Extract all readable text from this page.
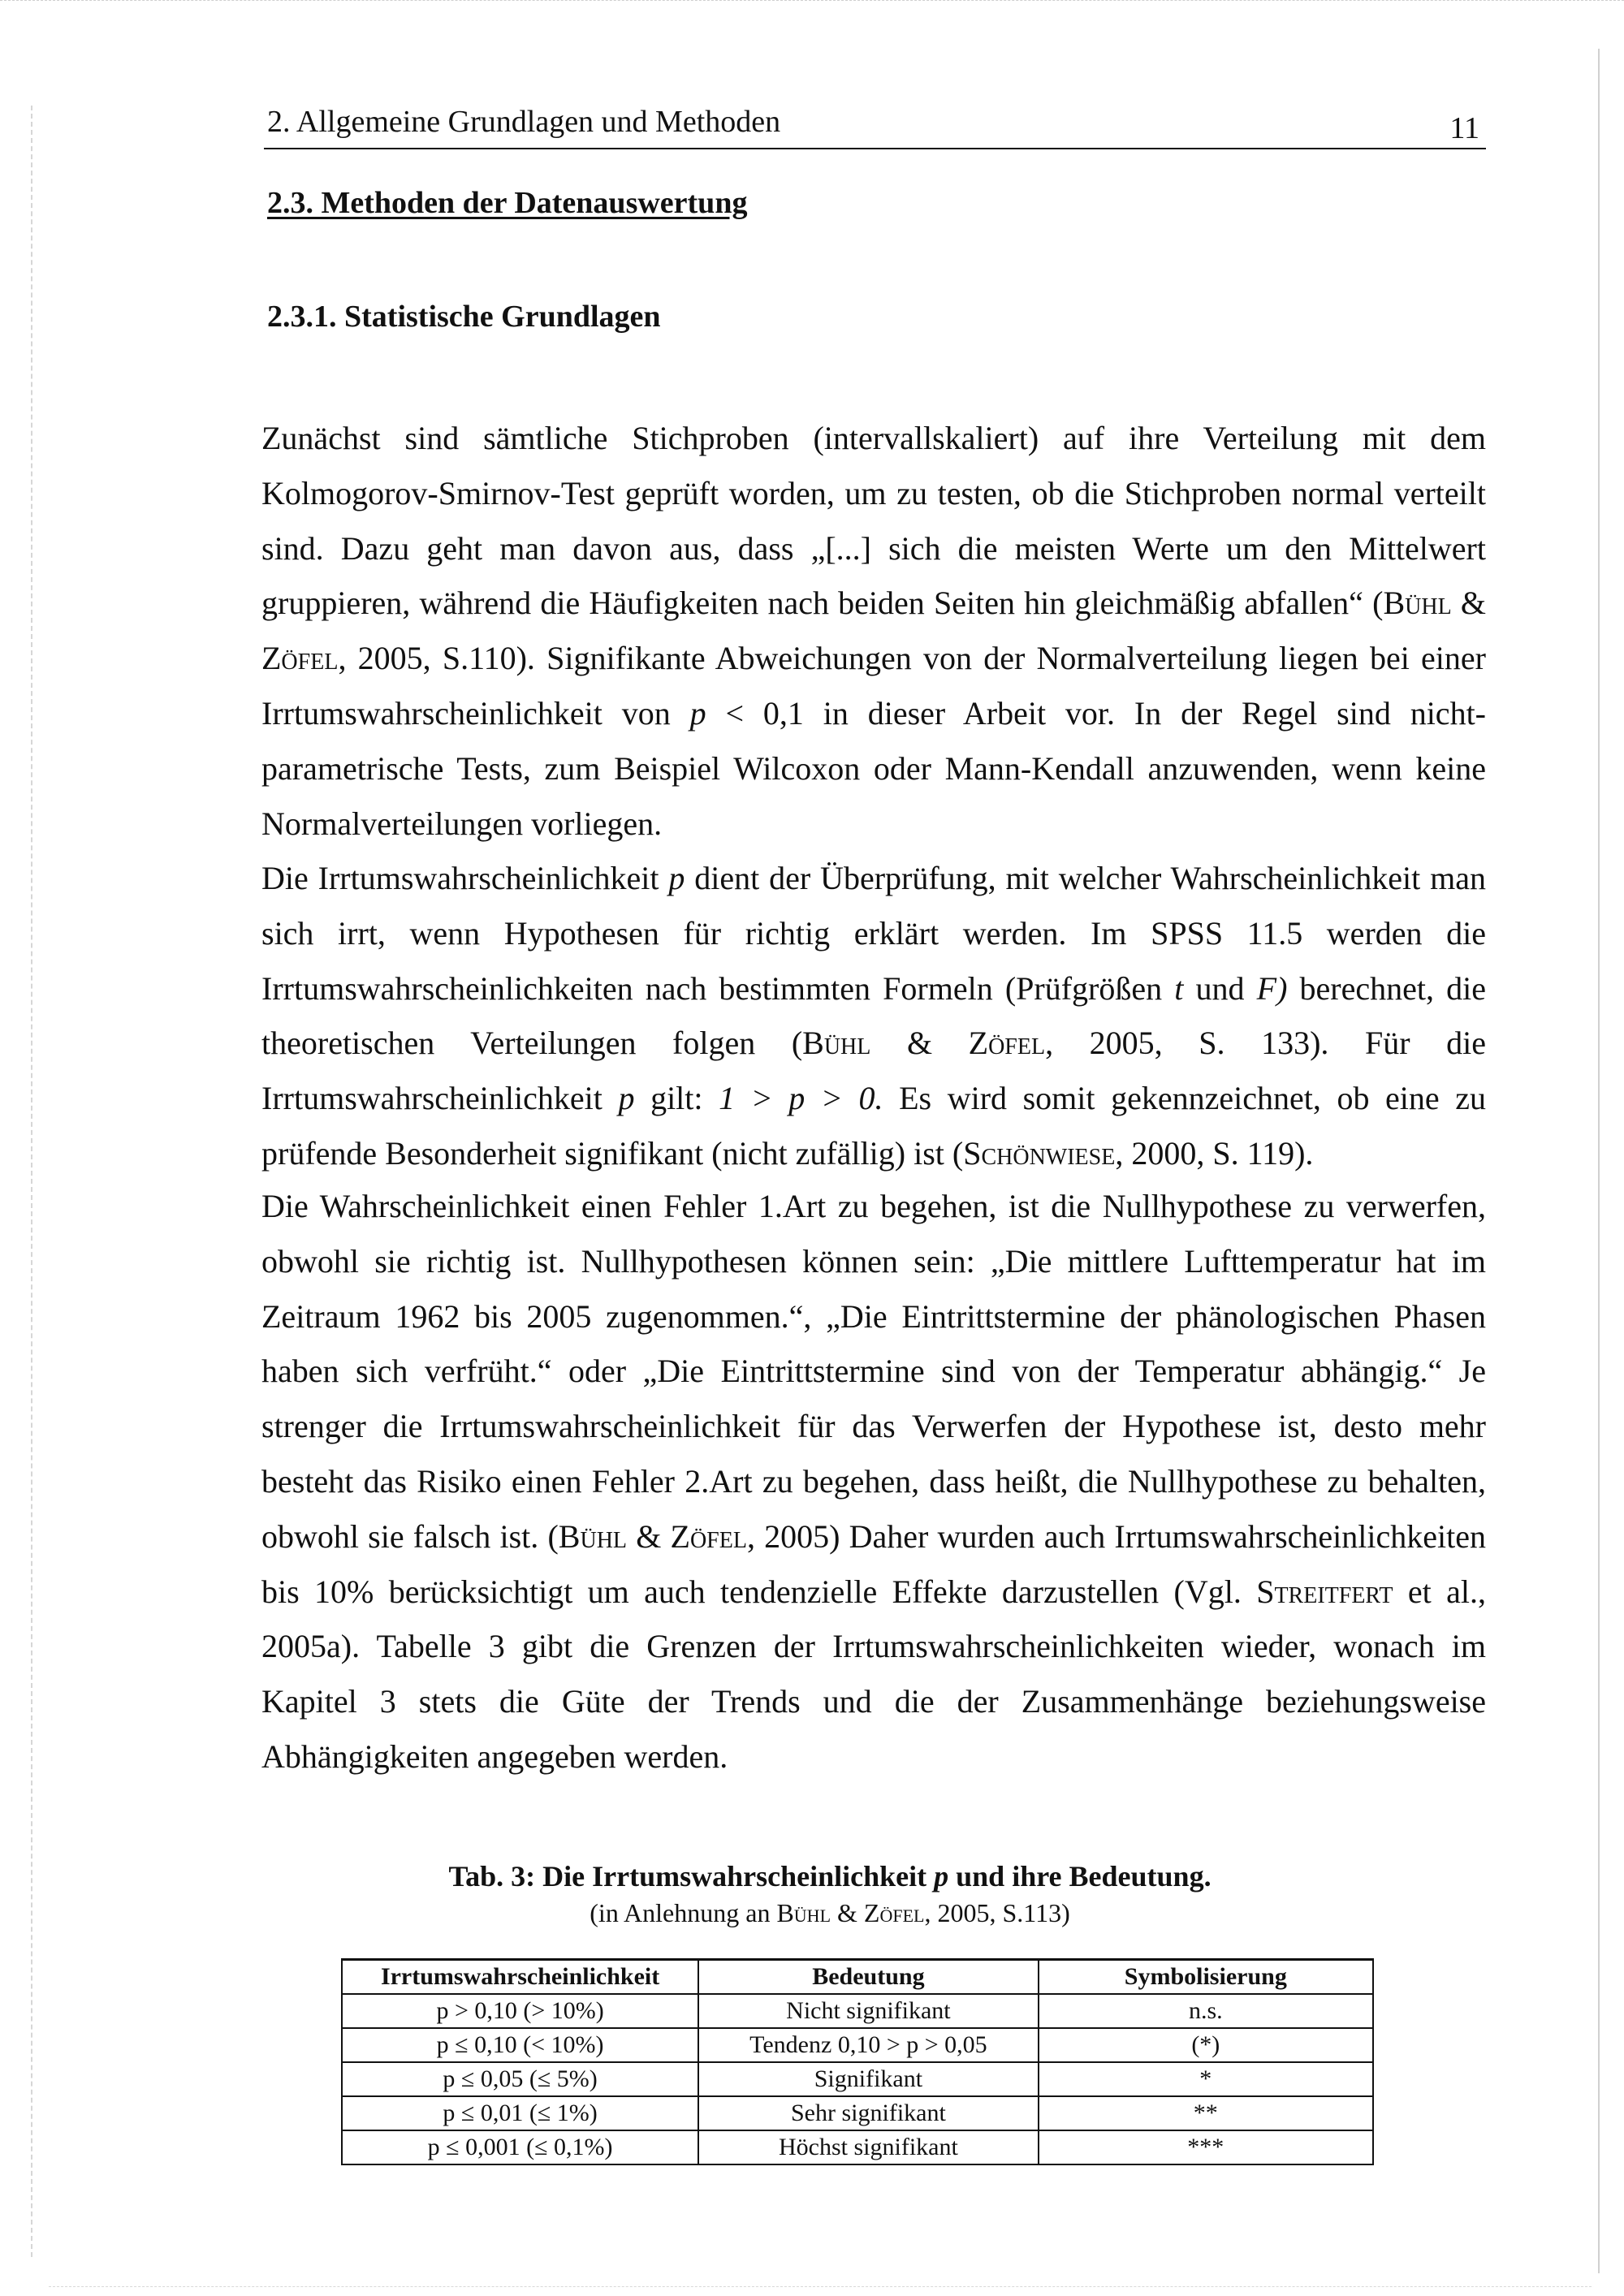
2. Allgemeine Grundlagen und Methoden	11
2.3. Methoden der Datenauswertung
2.3.1. Statistische Grundlagen
Zunächst sind sämtliche Stichproben (intervallskaliert) auf ihre Verteilung mit dem Kolmogorov-Smirnov-Test geprüft worden, um zu testen, ob die Stichproben normal verteilt sind. Dazu geht man davon aus, dass „[...] sich die meisten Werte um den Mittelwert gruppieren, während die Häufigkeiten nach beiden Seiten hin gleichmäßig abfallen“ (Bühl & Zöfel, 2005, S.110). Signifikante Abweichungen von der Normalverteilung liegen bei einer Irrtumswahrscheinlichkeit von p < 0,1 in dieser Arbeit vor. In der Regel sind nicht-parametrische Tests, zum Beispiel Wilcoxon oder Mann-Kendall anzuwenden, wenn keine Normalverteilungen vorliegen.
Die Irrtumswahrscheinlichkeit p dient der Überprüfung, mit welcher Wahrscheinlichkeit man sich irrt, wenn Hypothesen für richtig erklärt werden. Im SPSS 11.5 werden die Irrtumswahrscheinlichkeiten nach bestimmten Formeln (Prüfgrößen t und F) berechnet, die theoretischen Verteilungen folgen (Bühl & Zöfel, 2005, S. 133). Für die Irrtumswahrscheinlichkeit p gilt: 1 > p > 0. Es wird somit gekennzeichnet, ob eine zu prüfende Besonderheit signifikant (nicht zufällig) ist (Schönwiese, 2000, S. 119).
Die Wahrscheinlichkeit einen Fehler 1.Art zu begehen, ist die Nullhypothese zu verwerfen, obwohl sie richtig ist. Nullhypothesen können sein: „Die mittlere Lufttemperatur hat im Zeitraum 1962 bis 2005 zugenommen.“, „Die Eintrittstermine der phänologischen Phasen haben sich verfrüht.“ oder „Die Eintrittstermine sind von der Temperatur abhängig.“ Je strenger die Irrtumswahrscheinlichkeit für das Verwerfen der Hypothese ist, desto mehr besteht das Risiko einen Fehler 2.Art zu begehen, dass heißt, die Nullhypothese zu behalten, obwohl sie falsch ist. (Bühl & Zöfel, 2005) Daher wurden auch Irrtumswahrscheinlichkeiten bis 10% berücksichtigt um auch tendenzielle Effekte darzustellen (Vgl. Streitfert et al., 2005a). Tabelle 3 gibt die Grenzen der Irrtumswahrscheinlichkeiten wieder, wonach im Kapitel 3 stets die Güte der Trends und die der Zusammenhänge beziehungsweise Abhängigkeiten angegeben werden.
Tab. 3: Die Irrtumswahrscheinlichkeit p und ihre Bedeutung.
(in Anlehnung an Bühl & Zöfel, 2005, S.113)
Irrtumswahrscheinlichkeit	Bedeutung	Symbolisierung
p > 0,10 (> 10%)	Nicht signifikant	n.s.
p ≤ 0,10 (< 10%)	Tendenz 0,10 > p > 0,05	(*)
p ≤ 0,05 (≤ 5%)	Signifikant	*
p ≤ 0,01 (≤ 1%)	Sehr signifikant	**
p ≤ 0,001 (≤ 0,1%)	Höchst signifikant	***
